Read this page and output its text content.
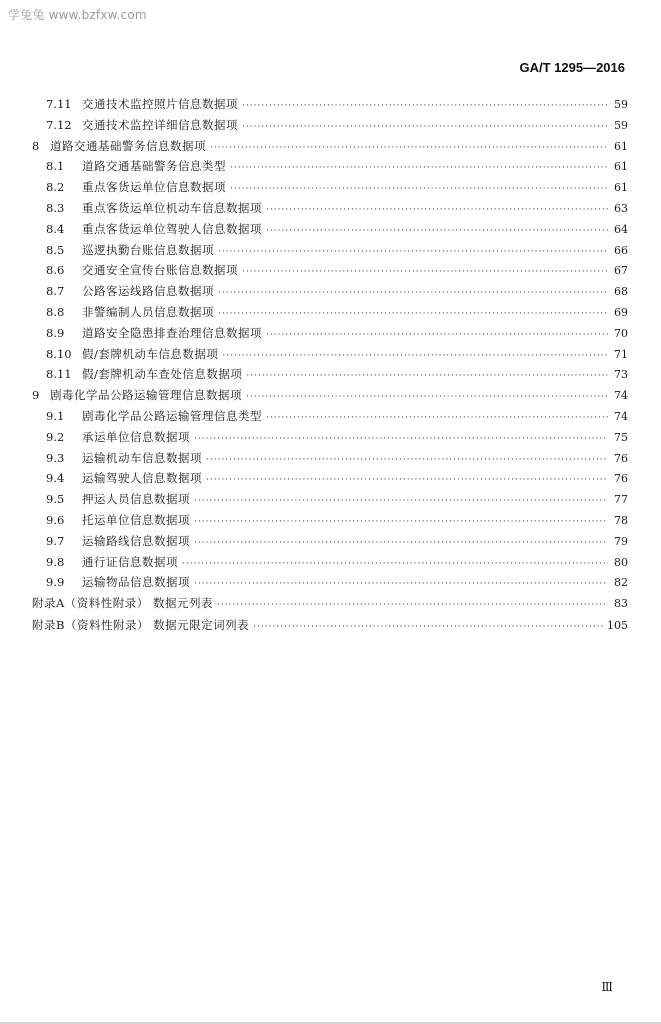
学兔兔 www.bzfxw.com
GA/T 1295—2016
7.11 交通技术监控照片信息数据项 ·····	59
7.12 交通技术监控详细信息数据项 ·····	59
8 道路交通基础警务信息数据项 ·····	61
8.1	道路交通基础警务信息类型 ·····	61
8.2	重点客货运单位信息数据项 ·····	61
8.3	重点客货运单位机动车信息数据项 ·····	63
8.4	重点客货运单位驾驶人信息数据项 ·····	64
8.5	巡逻执勤台账信息数据项 ·····	66
8.6	交通安全宣传台账信息数据项 ·····	67
8.7	公路客运线路信息数据项 ·····	68
8.8	非警编制人员信息数据项 ·····	69
8.9	道路安全隐患排查治理信息数据项 ·····	70
8.10 假/套牌机动车信息数据项 ·····	71
8.11 假/套牌机动车查处信息数据项 ·····	73
9 剧毒化学品公路运输管理信息数据项 ·····	74
9.1	剧毒化学品公路运输管理信息类型 ·····	74
9.2	承运单位信息数据项 ·····	75
9.3	运输机动车信息数据项 ·····	76
9.4	运输驾驶人信息数据项 ·····	76
9.5	押运人员信息数据项 ·····	77
9.6	托运单位信息数据项 ·····	78
9.7	运输路线信息数据项 ·····	79
9.8	通行证信息数据项 ·····	80
9.9	运输物品信息数据项 ·····	82
附录A（资料性附录） 数据元列表 ·····	83
附录B（资料性附录） 数据元限定词列表 ·····	105
Ⅲ
